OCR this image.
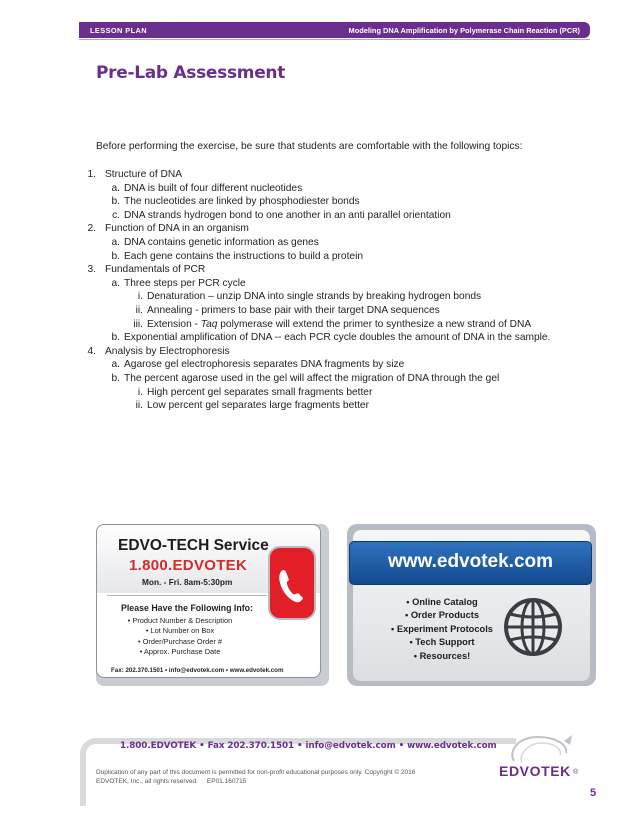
LESSON PLAN	Modeling DNA Amplification by Polymerase Chain Reaction (PCR)
Pre-Lab Assessment
Before performing the exercise, be sure that students are comfortable with the following topics:
1. Structure of DNA
a. DNA is built of four different nucleotides
b. The nucleotides are linked by phosphodiester bonds
c. DNA strands hydrogen bond to one another in an anti parallel orientation
2. Function of DNA in an organism
a. DNA contains genetic information as genes
b. Each gene contains the instructions to build a protein
3. Fundamentals of PCR
a. Three steps per PCR cycle
i. Denaturation – unzip DNA into single strands by breaking hydrogen bonds
ii. Annealing - primers to base pair with their target DNA sequences
iii. Extension - Taq polymerase will extend the primer to synthesize a new strand of DNA
b. Exponential amplification of DNA -- each PCR cycle doubles the amount of DNA in the sample.
4. Analysis by Electrophoresis
a. Agarose gel electrophoresis separates DNA fragments by size
b. The percent agarose used in the gel will affect the migration of DNA through the gel
i. High percent gel separates small fragments better
ii. Low percent gel separates large fragments better
EDVO-TECH Service
1.800.EDVOTEK
Mon. - Fri. 8am-5:30pm
Please Have the Following Info:
• Product Number & Description
• Lot Number on Box
• Order/Purchase Order #
• Approx. Purchase Date
Fax: 202.370.1501 • info@edvotek.com • www.edvotek.com
www.edvotek.com
• Online Catalog
• Order Products
• Experiment Protocols
• Tech Support
• Resources!
1.800.EDVOTEK • Fax 202.370.1501 • info@edvotek.com • www.edvotek.com
Duplication of any part of this document is permitted for non-profit educational purposes only. Copyright © 2016
EDVOTEK, Inc., all rights reserved.     EP01.160715
EDVOTEK ®
5
